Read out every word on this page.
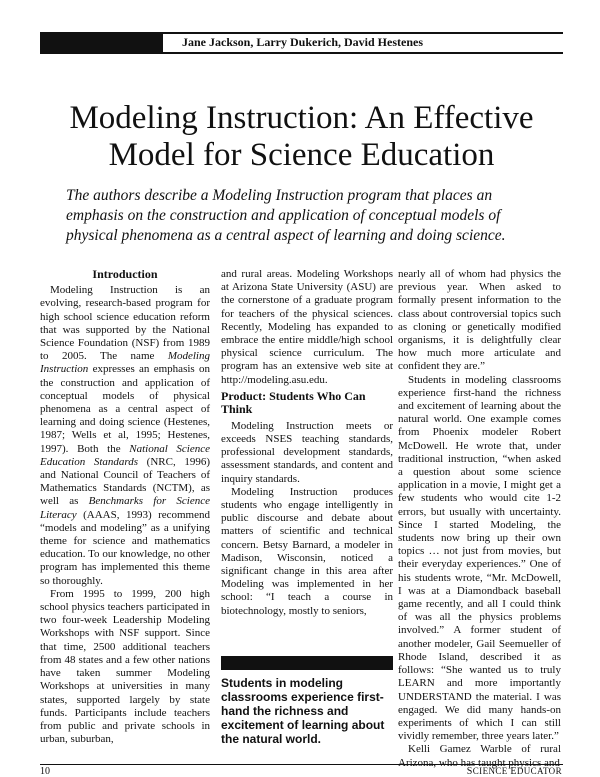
Jane Jackson, Larry Dukerich, David Hestenes
Modeling Instruction: An Effective Model for Science Education
The authors describe a Modeling Instruction program that places an emphasis on the construction and application of conceptual models of physical phenomena as a central aspect of learning and doing science.
Introduction

Modeling Instruction is an evolving, research-based program for high school science education reform that was supported by the National Science Foundation (NSF) from 1989 to 2005. The name Modeling Instruction expresses an emphasis on the construction and application of conceptual models of physical phenomena as a central aspect of learning and doing science (Hestenes, 1987; Wells et al, 1995; Hestenes, 1997). Both the National Science Education Standards (NRC, 1996) and National Council of Teachers of Mathematics Standards (NCTM), as well as Benchmarks for Science Literacy (AAAS, 1993) recommend “models and modeling” as a unifying theme for science and mathematics education. To our knowledge, no other program has implemented this theme so thoroughly.

From 1995 to 1999, 200 high school physics teachers participated in two four-week Leadership Modeling Workshops with NSF support. Since that time, 2500 additional teachers from 48 states and a few other nations have taken summer Modeling Workshops at universities in many states, supported largely by state funds. Participants include teachers from public and private schools in urban, suburban,

and rural areas. Modeling Workshops at Arizona State University (ASU) are the cornerstone of a graduate program for teachers of the physical sciences. Recently, Modeling has expanded to embrace the entire middle/high school physical science curriculum. The program has an extensive web site at http://modeling.asu.edu.

Product: Students Who Can Think

Modeling Instruction meets or exceeds NSES teaching standards, professional development standards, assessment standards, and content and inquiry standards.

Modeling Instruction produces students who engage intelligently in public discourse and debate about matters of scientific and technical concern. Betsy Barnard, a modeler in Madison, Wisconsin, noticed a significant change in this area after Modeling was implemented in her school: “I teach a course in biotechnology, mostly to seniors,

Students in modeling classrooms experience first-hand the richness and excitement of learning about the natural world.

nearly all of whom had physics the previous year. When asked to formally present information to the class about controversial topics such as cloning or genetically modified organisms, it is delightfully clear how much more articulate and confident they are.”

Students in modeling classrooms experience first-hand the richness and excitement of learning about the natural world. One example comes from Phoenix modeler Robert McDowell. He wrote that, under traditional instruction, “when asked a question about some science application in a movie, I might get a few students who would cite 1-2 errors, but usually with uncertainty. Since I started Modeling, the students now bring up their own topics … not just from movies, but their everyday experiences.” One of his students wrote, “Mr. McDowell, I was at a Diamondback baseball game recently, and all I could think of was all the physics problems involved.” A former student of another modeler, Gail Seemueller of Rhode Island, described it as follows: “She wanted us to truly LEARN and more importantly UNDERSTAND the material. I was engaged. We did many hands-on experiments of which I can still vividly remember, three years later.”

Kelli Gamez Warble of rural Arizona, who has taught physics and

10	SCIENCE EDUCATOR
